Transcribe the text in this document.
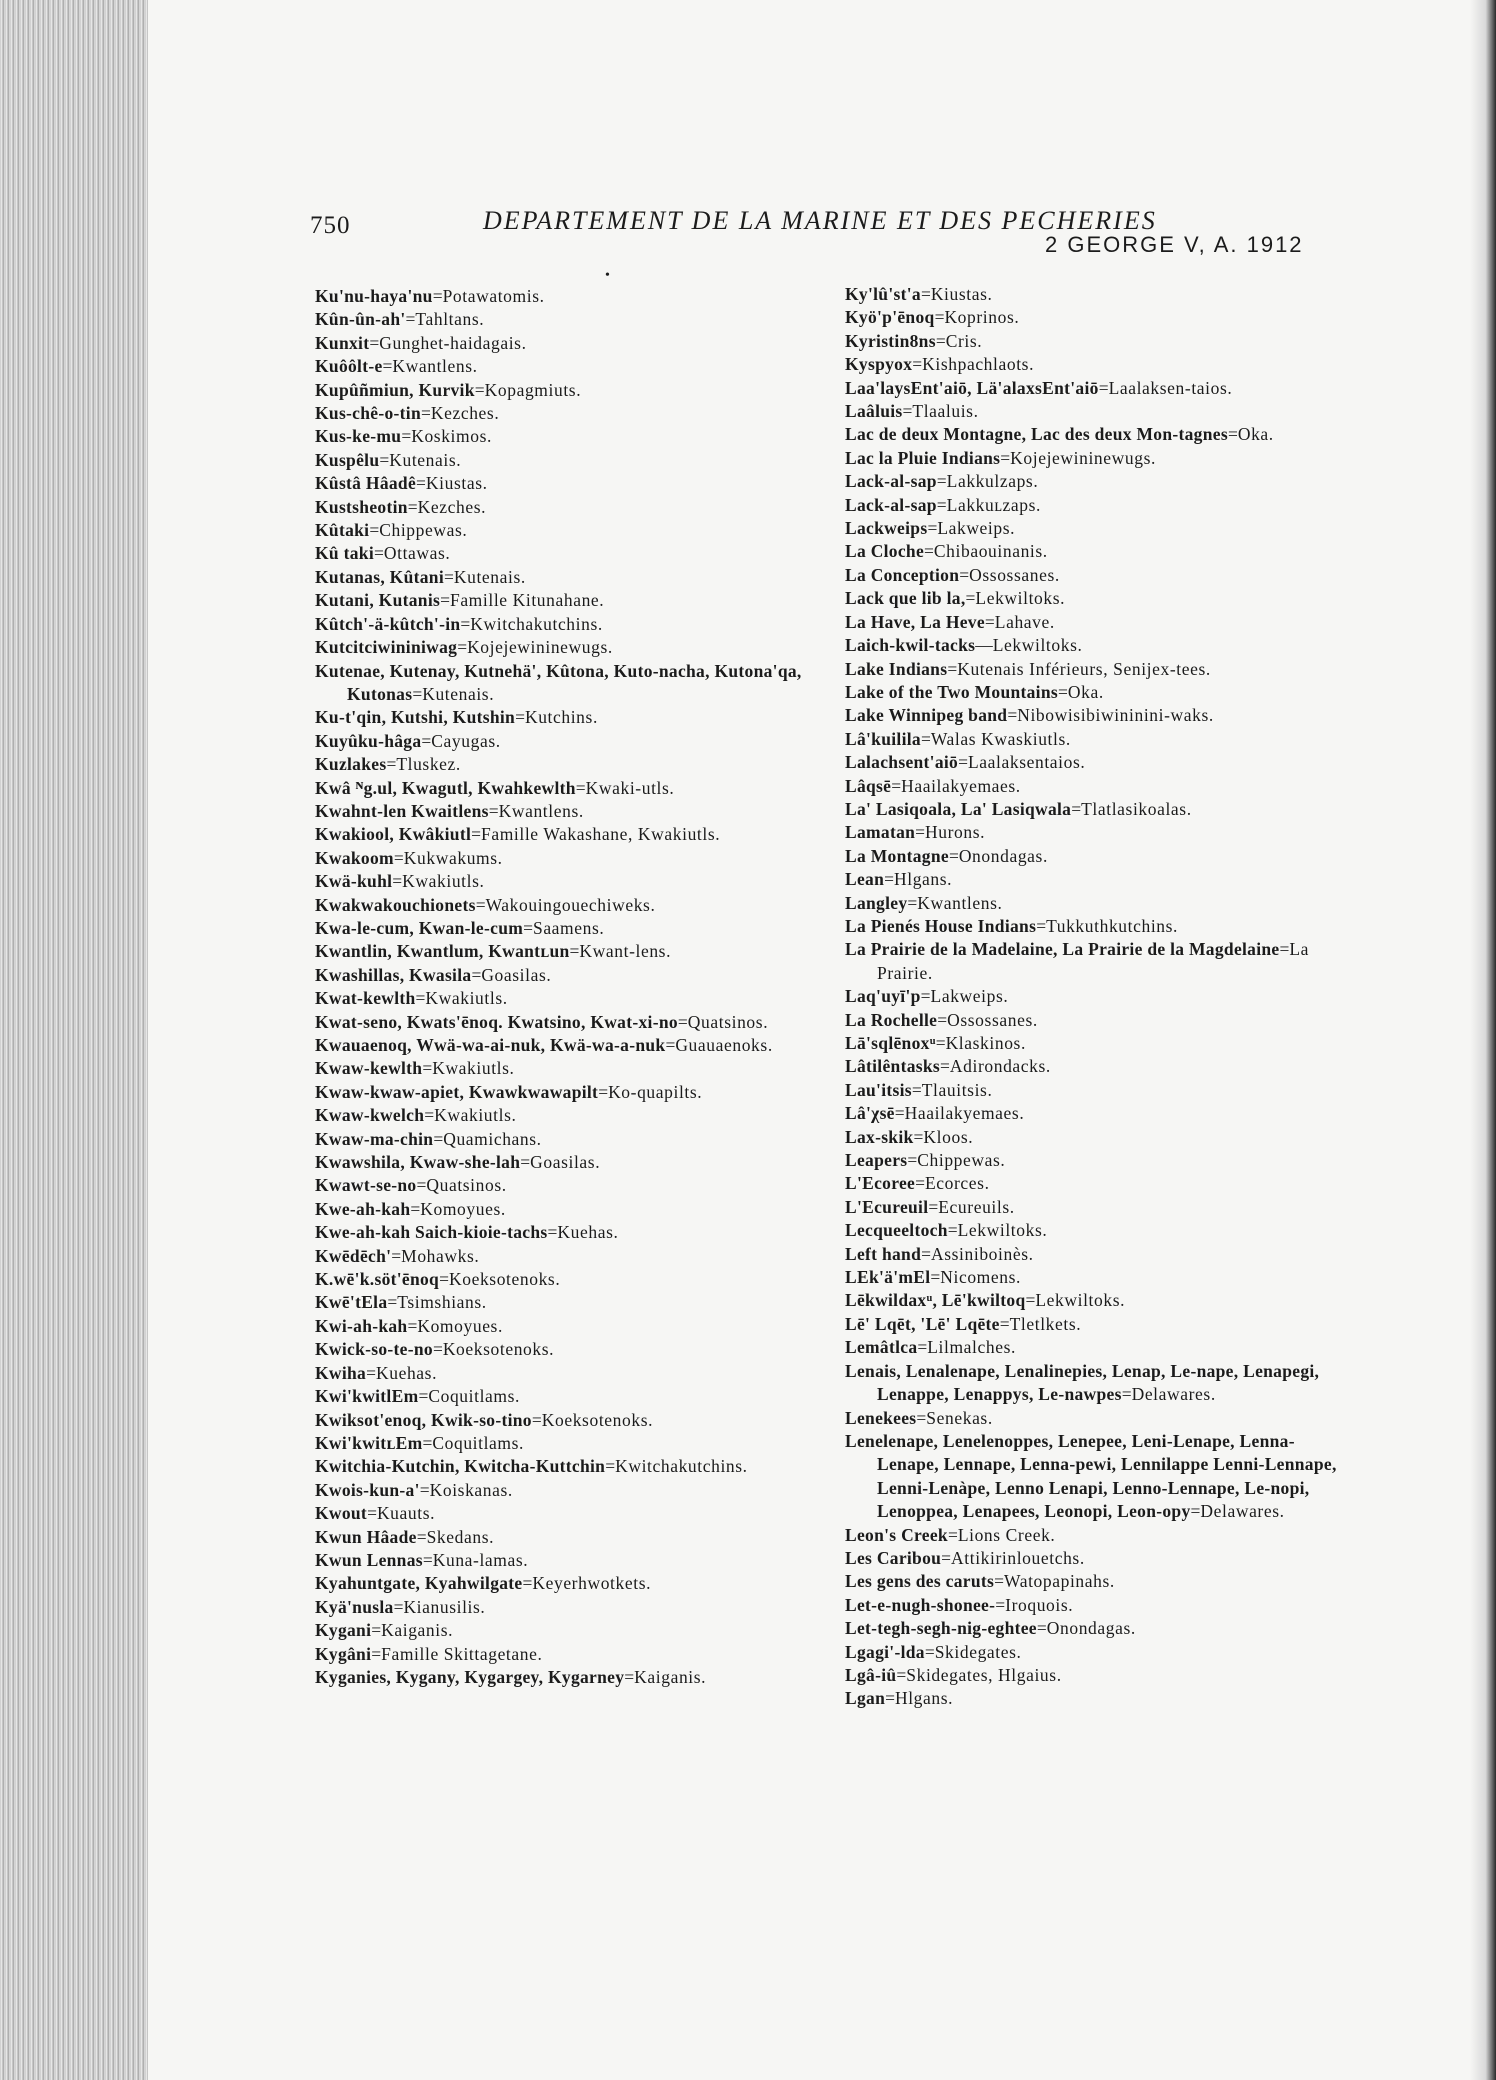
750	DEPARTEMENT DE LA MARINE ET DES PECHERIES
2 GEORGE V, A. 1912
•

Ku'nu-haya'nu=Potawatomis.

Kûn-ûn-ah'=Tahltans.

Kunxit=Gunghet-haidagais.

Kuôôlt-e=Kwantlens.

Kupûñmiun, Kurvik=Kopagmiuts.

Kus-chê-o-tin=Kezches.

Kus-ke-mu=Koskimos.

Kuspêlu=Kutenais.

Kûstâ Hâadê=Kiustas.

Kustsheotin=Kezches.

Kûtaki=Chippewas.

Kû taki=Ottawas.

Kutanas, Kûtani=Kutenais.

Kutani, Kutanis=Famille Kitunahane.

Kûtch'-ä-kûtch'-in=Kwitchakutchins.

Kutcitciwininiwag=Kojejewininewugs.

Kutenae, Kutenay, Kutnehä', Kûtona, Kuto-nacha, Kutona'qa, Kutonas=Kutenais.

Ku-t'qin, Kutshi, Kutshin=Kutchins.

Kuyûku-hâga=Cayugas.

Kuzlakes=Tluskez.

Kwâ ᴺg.ul, Kwagutl, Kwahkewlth=Kwaki-utls.

Kwahnt-len Kwaitlens=Kwantlens.

Kwakiool, Kwâkiutl=Famille Wakashane, Kwakiutls.

Kwakoom=Kukwakums.

Kwä-kuhl=Kwakiutls.

Kwakwakouchionets=Wakouingouechiweks.

Kwa-le-cum, Kwan-le-cum=Saamens.

Kwantlin, Kwantlum, Kwantʟun=Kwant-lens.

Kwashillas, Kwasila=Goasilas.

Kwat-kewlth=Kwakiutls.

Kwat-seno, Kwats'ēnoq. Kwatsino, Kwat-xi-no=Quatsinos.

Kwauaenoq, Wwä-wa-ai-nuk, Kwä-wa-a-nuk=Guauaenoks.

Kwaw-kewlth=Kwakiutls.

Kwaw-kwaw-apiet, Kwawkwawapilt=Ko-quapilts.

Kwaw-kwelch=Kwakiutls.

Kwaw-ma-chin=Quamichans.

Kwawshila, Kwaw-she-lah=Goasilas.

Kwawt-se-no=Quatsinos.

Kwe-ah-kah=Komoyues.

Kwe-ah-kah Saich-kioie-tachs=Kuehas.

Kwēdēch'=Mohawks.

K.wē'k.söt'ēnoq=Koeksotenoks.

Kwē'tEla=Tsimshians.

Kwi-ah-kah=Komoyues.

Kwick-so-te-no=Koeksotenoks.

Kwiha=Kuehas.

Kwi'kwitlEm=Coquitlams.

Kwiksot'enoq, Kwik-so-tino=Koeksotenoks.

Kwi'kwitʟEm=Coquitlams.

Kwitchia-Kutchin, Kwitcha-Kuttchin=Kwitchakutchins.

Kwois-kun-a'=Koiskanas.

Kwout=Kuauts.

Kwun Hâade=Skedans.

Kwun Lennas=Kuna-lamas.

Kyahuntgate, Kyahwilgate=Keyerhwotkets.

Kyä'nusla=Kianusilis.

Kygani=Kaiganis.

Kygâni=Famille Skittagetane.

Kyganies, Kygany, Kygargey, Kygarney=Kaiganis.

Ky'lû'st'a=Kiustas.

Kyö'p'ēnoq=Koprinos.

Kyristin8ns=Cris.

Kyspyox=Kishpachlaots.

Laa'laysEnt'aiō, Lä'alaxsEnt'aiō=Laalaksen-taios.

Laâluis=Tlaaluis.

Lac de deux Montagne, Lac des deux Mon-tagnes=Oka.

Lac la Pluie Indians=Kojejewininewugs.

Lack-al-sap=Lakkulzaps.

Lack-al-sap=Lakkuʟzaps.

Lackweips=Lakweips.

La Cloche=Chibaouinanis.

La Conception=Ossossanes.

Lack que lib la,=Lekwiltoks.

La Have, La Heve=Lahave.

Laich-kwil-tacks—Lekwiltoks.

Lake Indians=Kutenais Inférieurs, Senijex-tees.

Lake of the Two Mountains=Oka.

Lake Winnipeg band=Nibowisibiwininini-waks.

Lâ'kuilila=Walas Kwaskiutls.

Lalachsent'aiō=Laalaksentaios.

Lâqsē=Haailakyemaes.

La' Lasiqoala, La' Lasiqwala=Tlatlasikoalas.

Lamatan=Hurons.

La Montagne=Onondagas.

Lean=Hlgans.

Langley=Kwantlens.

La Pienés House Indians=Tukkuthkutchins.

La Prairie de la Madelaine, La Prairie de la Magdelaine=La Prairie.

Laq'uyī'p=Lakweips.

La Rochelle=Ossossanes.

Lā'sqlēnoxᵘ=Klaskinos.

Lâtilêntasks=Adirondacks.

Lau'itsis=Tlauitsis.

Lâ'χsē=Haailakyemaes.

Lax-skik=Kloos.

Leapers=Chippewas.

L'Ecoree=Ecorces.

L'Ecureuil=Ecureuils.

Lecqueeltoch=Lekwiltoks.

Left hand=Assiniboinès.

LEk'ä'mEl=Nicomens.

Lēkwildaxᵘ, Lē'kwiltoq=Lekwiltoks.

Lē' Lqēt, 'Lē' Lqēte=Tletlkets.

Lemâtlca=Lilmalches.

Lenais, Lenalenape, Lenalinepies, Lenap, Le-nape, Lenapegi, Lenappe, Lenappys, Le-nawpes=Delawares.

Lenekees=Senekas.

Lenelenape, Lenelenoppes, Lenepee, Leni-Lenape, Lenna-Lenape, Lennape, Lenna-pewi, Lennilappe Lenni-Lennape, Lenni-Lenàpe, Lenno Lenapi, Lenno-Lennape, Le-nopi, Lenoppea, Lenapees, Leonopi, Leon-opy=Delawares.

Leon's Creek=Lions Creek.

Les Caribou=Attikirinlouetchs.

Les gens des caruts=Watopapinahs.

Let-e-nugh-shonee-=Iroquois.

Let-tegh-segh-nig-eghtee=Onondagas.

Lgagi'-lda=Skidegates.

Lgâ-iû=Skidegates, Hlgaius.

Lgan=Hlgans.
